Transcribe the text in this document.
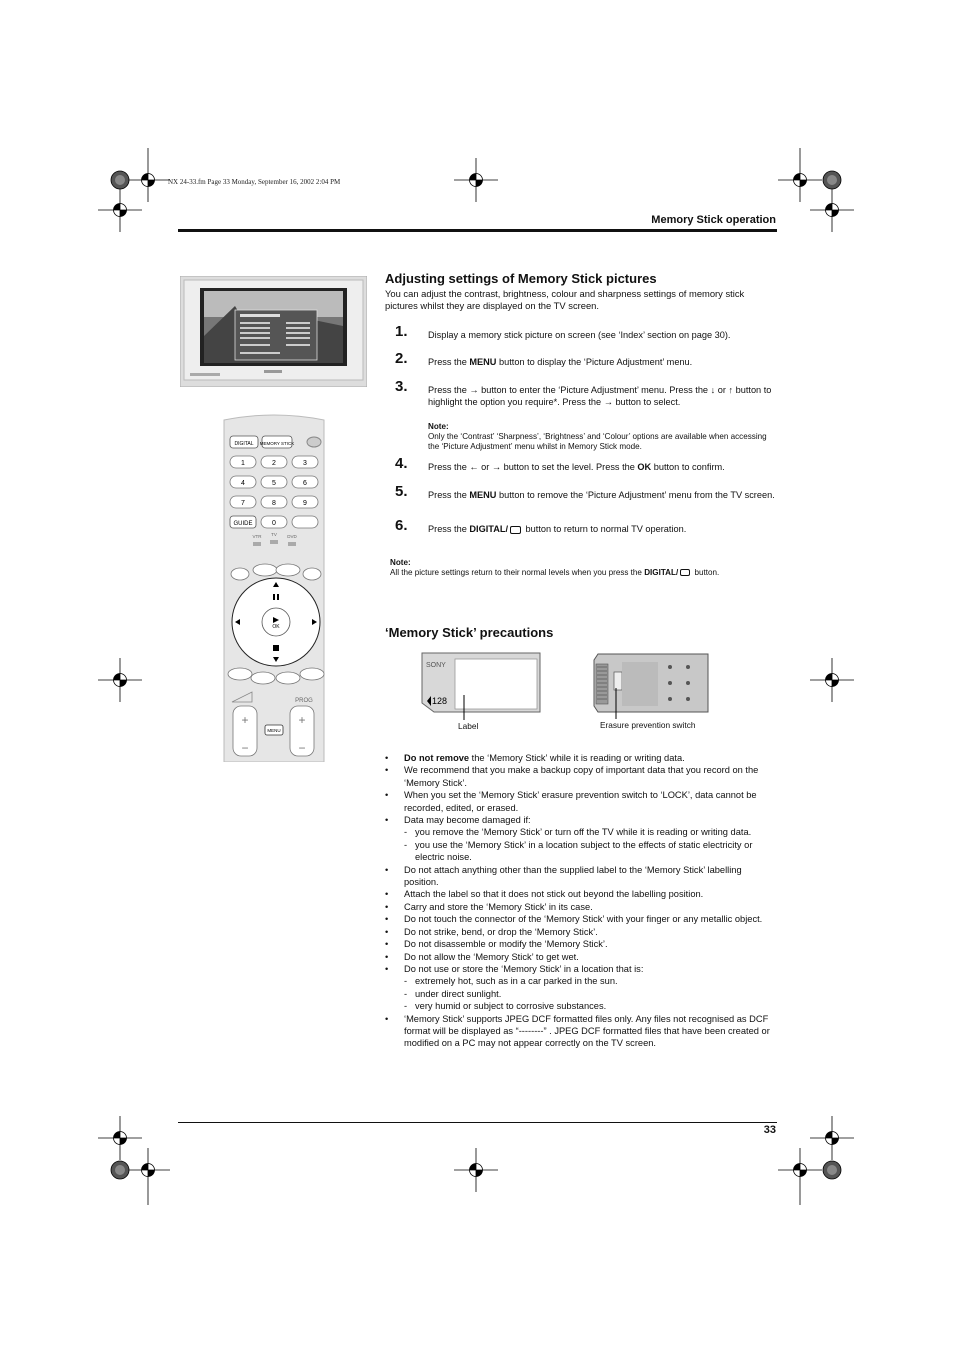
NX 24-33.fm Page 33 Monday, September 16, 2002 2:04 PM
Memory Stick operation
DIGITAL MEMORY STICK
1	2	3
4	5	6
7	8	9
0
GUIDE
VTR TV DVD
OK
PROG
+	+
−	−
MENU
Adjusting settings of Memory Stick pictures
You can adjust the contrast, brightness, colour and sharpness settings of memory stick pictures whilst they are displayed on the TV screen.
1. Display a memory stick picture on screen (see ‘Index’ section on page 30).
2. Press the MENU button to display the ‘Picture Adjustment’ menu.
3. Press the → button to enter the ‘Picture Adjustment’ menu. Press the ↓ or ↑ button to highlight the option you require*. Press the → button to select.
Note:
Only the ‘Contrast’ ‘Sharpness’, ‘Brightness’ and ‘Colour’ options are available when accessing the ‘Picture Adjustment’ menu whilst in Memory Stick mode.
4. Press the ← or → button to set the level. Press the OK button to confirm.
5. Press the MENU button to remove the ‘Picture Adjustment’ menu from the TV screen.
6. Press the DIGITAL/ button to return to normal TV operation.
Note:
All the picture settings return to their normal levels when you press the DIGITAL/ button.
‘Memory Stick’ precautions
SONY
128
Label	Erasure prevention switch
• Do not remove the ‘Memory Stick’ while it is reading or writing data.
• We recommend that you make a backup copy of important data that you record on the ‘Memory Stick’.
• When you set the ‘Memory Stick’ erasure prevention switch to ‘LOCK’, data cannot be recorded, edited, or erased.
• Data may become damaged if:
- you remove the ‘Memory Stick’ or turn off the TV while it is reading or writing data.
- you use the ‘Memory Stick’ in a location subject to the effects of static electricity or electric noise.
• Do not attach anything other than the supplied label to the ‘Memory Stick’ labelling position.
• Attach the label so that it does not stick out beyond the labelling position.
• Carry and store the ‘Memory Stick’ in its case.
• Do not touch the connector of the ‘Memory Stick’ with your finger or any metallic object.
• Do not strike, bend, or drop the ‘Memory Stick’.
• Do not disassemble or modify the ‘Memory Stick’.
• Do not allow the ‘Memory Stick’ to get wet.
• Do not use or store the ‘Memory Stick’ in a location that is:
- extremely hot, such as in a car parked in the sun.
- under direct sunlight.
- very humid or subject to corrosive substances.
• ‘Memory Stick’ supports JPEG DCF formatted files only. Any files not recognised as DCF format will be displayed as “--------” . JPEG DCF formatted files that have been created or modified on a PC may not appear correctly on the TV screen.
33
